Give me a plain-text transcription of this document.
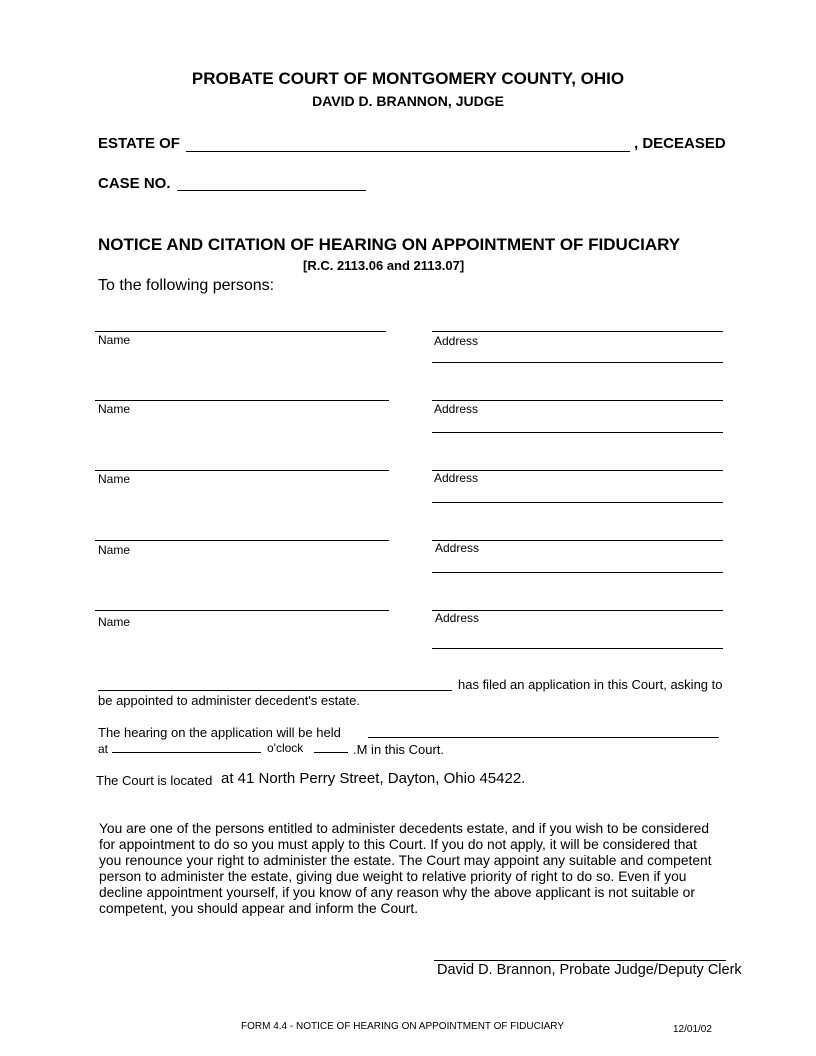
PROBATE COURT OF MONTGOMERY COUNTY, OHIO
DAVID D. BRANNON, JUDGE
ESTATE OF	, DECEASED
CASE NO.
NOTICE AND CITATION OF HEARING ON APPOINTMENT OF FIDUCIARY
[R.C. 2113.06 and 2113.07]
To the following persons:
Name	Address
Name	Address
Name	Address
Name	Address
Name	Address
has filed an application in this Court, asking to
be appointed to administer decedent's estate.
The hearing on the application will be held
at	o'clock	.M in this Court.
The Court is located at 41 North Perry Street, Dayton, Ohio 45422.
You are one of the persons entitled to administer decedents estate, and if you wish to be considered
for appointment to do so you must apply to this Court. If you do not apply, it will be considered that
you renounce your right to administer the estate. The Court may appoint any suitable and competent
person to administer the estate, giving due weight to relative priority of right to do so. Even if you
decline appointment yourself, if you know of any reason why the above applicant is not suitable or
competent, you should appear and inform the Court.
David D. Brannon, Probate Judge/Deputy Clerk
FORM 4.4 - NOTICE OF HEARING ON APPOINTMENT OF FIDUCIARY	12/01/02
